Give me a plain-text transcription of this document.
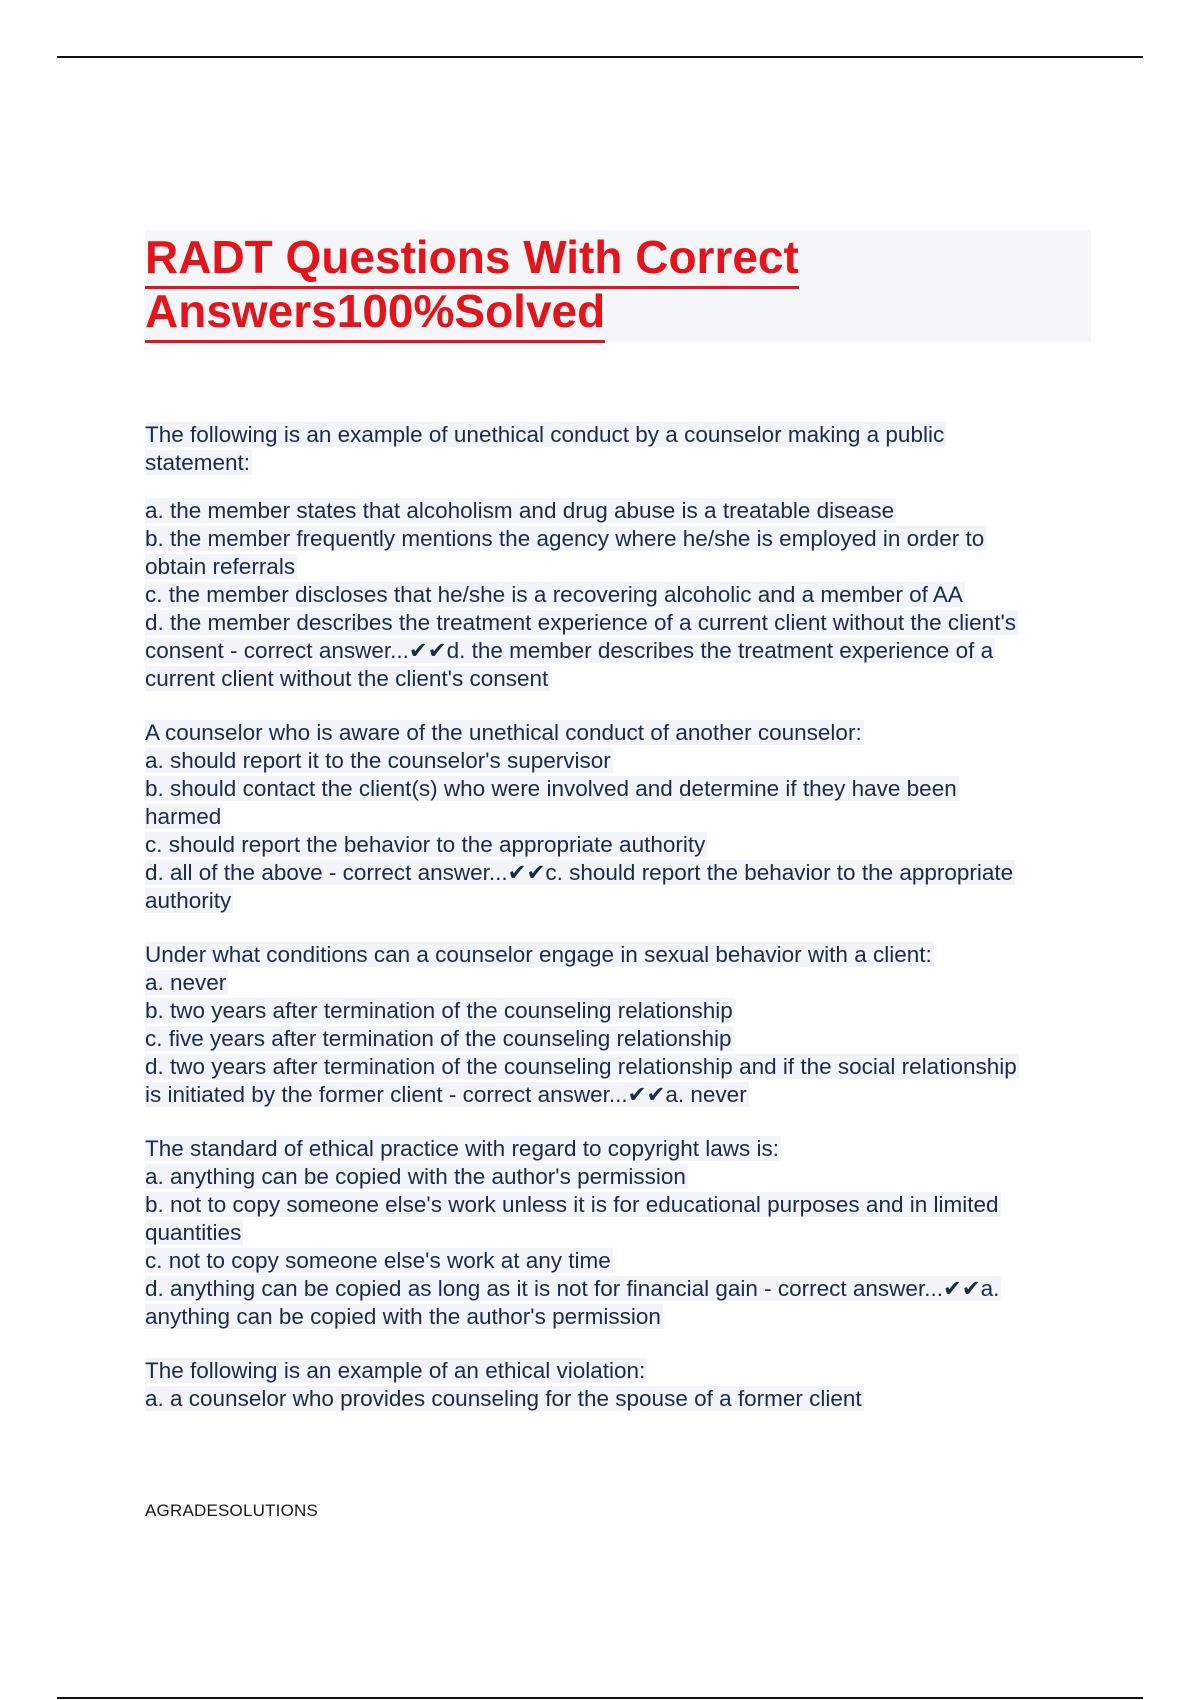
RADT Questions With Correct
Answers100%Solved
The following is an example of unethical conduct by a counselor making a public
statement:
a. the member states that alcoholism and drug abuse is a treatable disease
b. the member frequently mentions the agency where he/she is employed in order to
obtain referrals
c. the member discloses that he/she is a recovering alcoholic and a member of AA
d. the member describes the treatment experience of a current client without the client's
consent - correct answer...✔✔d. the member describes the treatment experience of a
current client without the client's consent
A counselor who is aware of the unethical conduct of another counselor:
a. should report it to the counselor's supervisor
b. should contact the client(s) who were involved and determine if they have been
harmed
c. should report the behavior to the appropriate authority
d. all of the above - correct answer...✔✔c. should report the behavior to the appropriate
authority
Under what conditions can a counselor engage in sexual behavior with a client:
a. never
b. two years after termination of the counseling relationship
c. five years after termination of the counseling relationship
d. two years after termination of the counseling relationship and if the social relationship
is initiated by the former client - correct answer...✔✔a. never
The standard of ethical practice with regard to copyright laws is:
a. anything can be copied with the author's permission
b. not to copy someone else's work unless it is for educational purposes and in limited
quantities
c. not to copy someone else's work at any time
d. anything can be copied as long as it is not for financial gain - correct answer...✔✔a.
anything can be copied with the author's permission
The following is an example of an ethical violation:
a. a counselor who provides counseling for the spouse of a former client
AGRADESOLUTIONS
